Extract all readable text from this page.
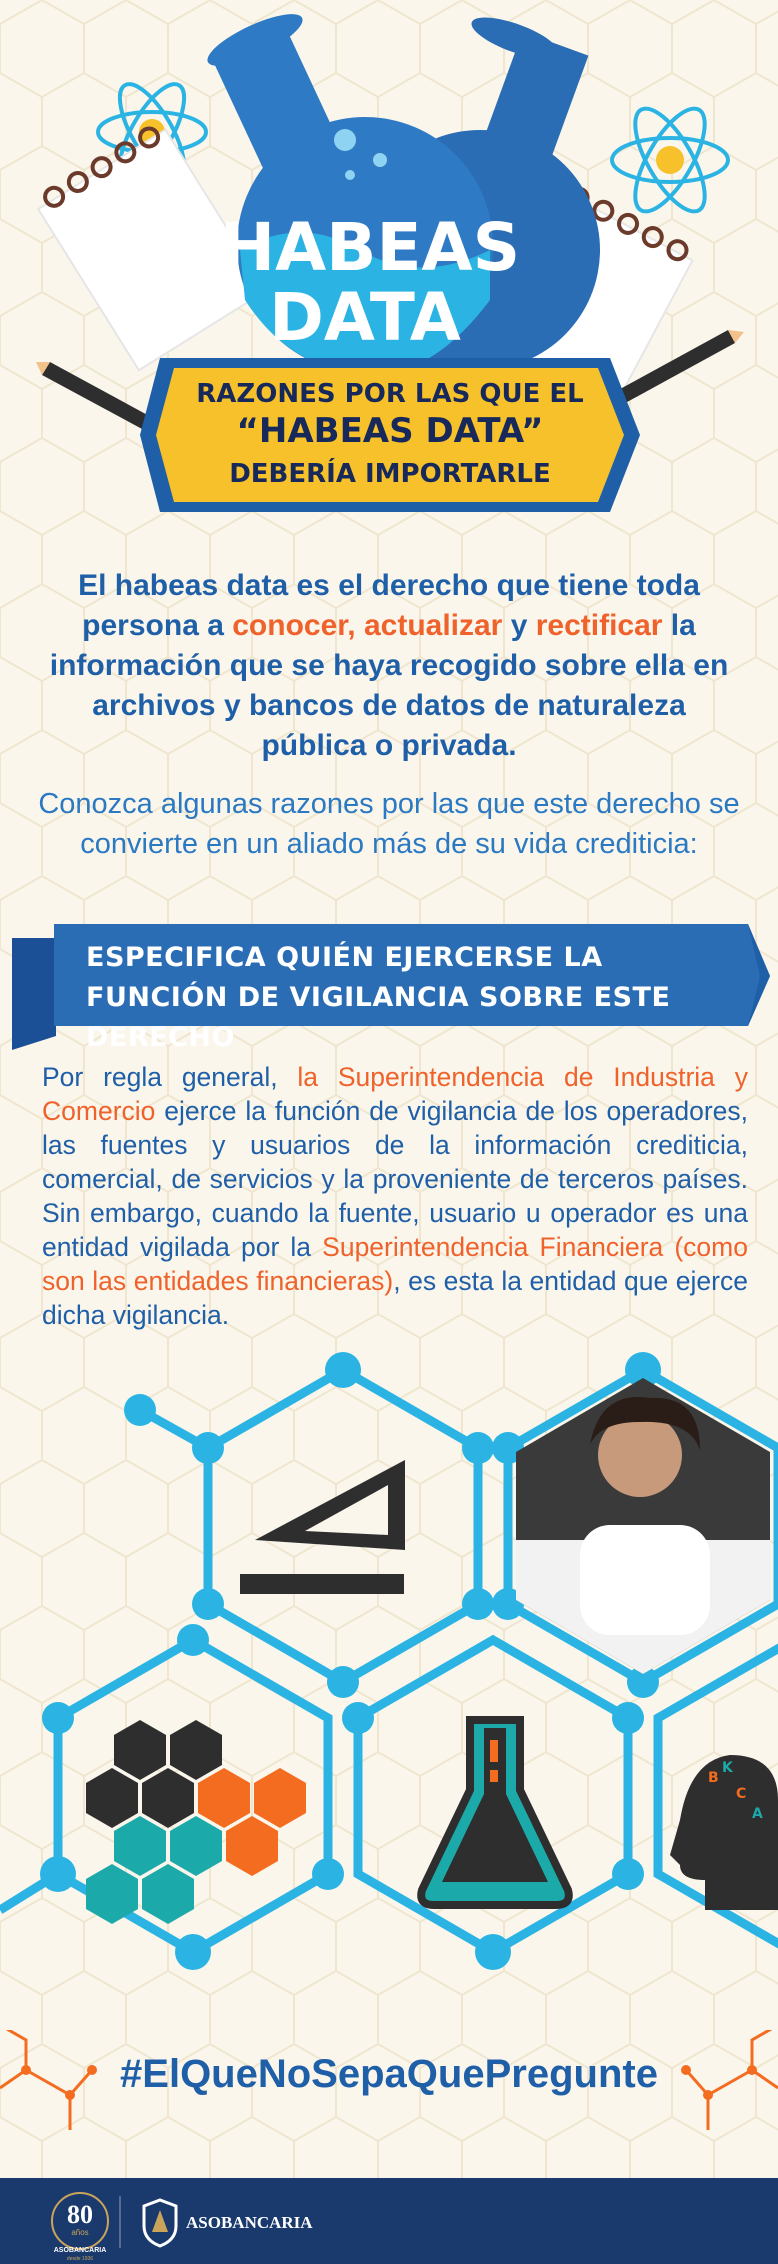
HABEAS
DATA
RAZONES POR LAS QUE EL
“HABEAS DATA”
DEBERÍA IMPORTARLE
El habeas data es el derecho que tiene toda persona a conocer, actualizar y rectificar la información que se haya recogido sobre ella en archivos y bancos de datos de naturaleza pública o privada.
Conozca algunas razones por las que este derecho se convierte en un aliado más de su vida crediticia:
ESPECIFICA QUIÉN EJERCERSE LA FUNCIÓN DE VIGILANCIA SOBRE ESTE DERECHO
Por regla general, la Superintendencia de Industria y Comercio ejerce la función de vigilancia de los operadores, las fuentes y usuarios de la información crediticia, comercial, de servicios y la proveniente de terceros países. Sin embargo, cuando la fuente, usuario u operador es una entidad vigilada por la Superintendencia Financiera (como son las entidades financieras), es esta la entidad que ejerce dicha vigilancia.
B
C
K
A
#ElQueNoSepaQuePregunte
80
años
ASOBANCARIA
desde 1936
ASOBANCARIA
